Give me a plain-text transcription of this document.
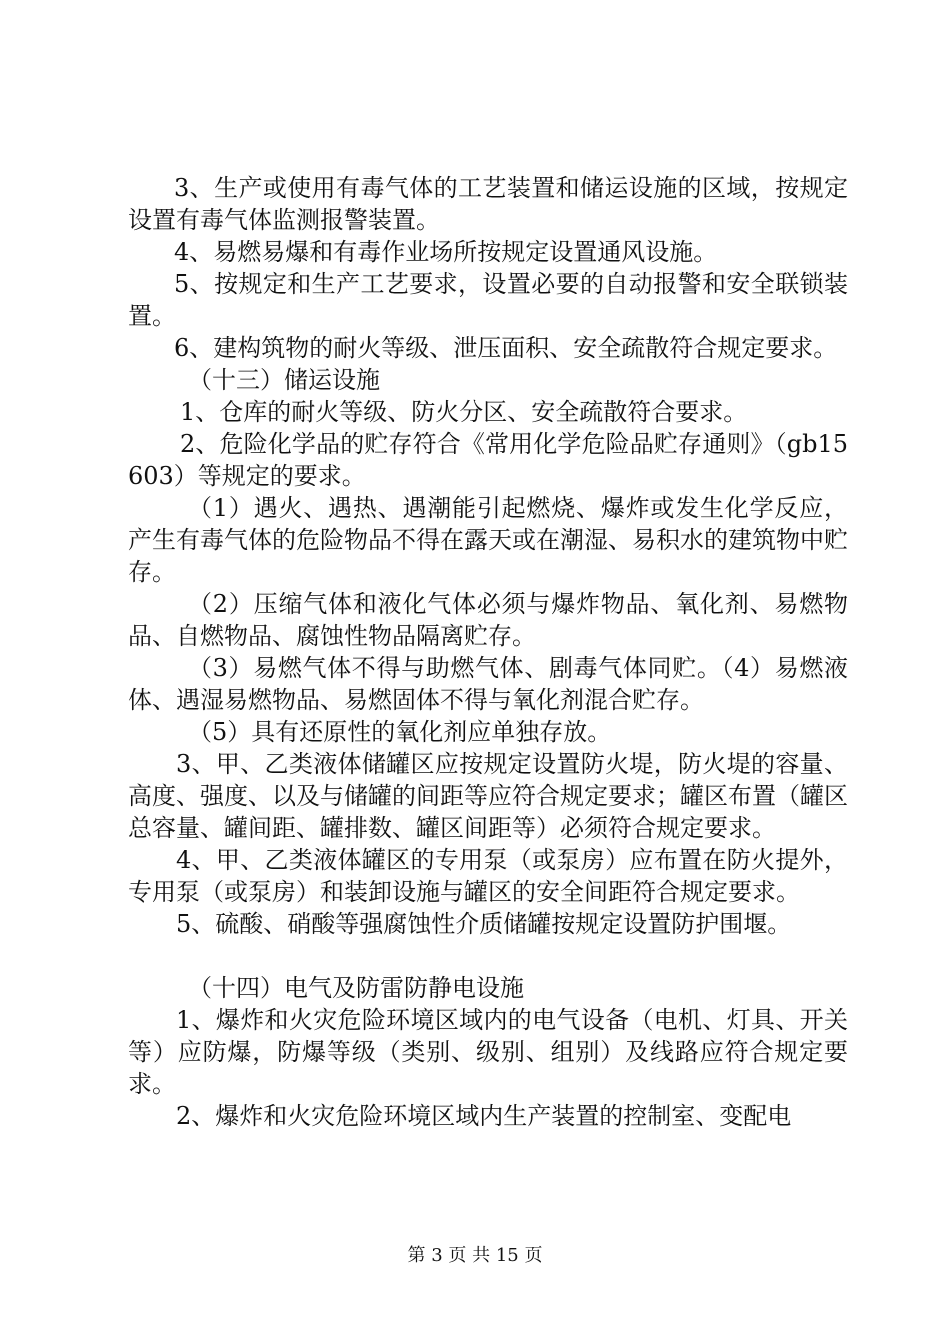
3、生产或使用有毒气体的工艺装置和储运设施的区域，按规定设置有毒气体监测报警装置。

4、易燃易爆和有毒作业场所按规定设置通风设施。

5、按规定和生产工艺要求，设置必要的自动报警和安全联锁装置。

6、建构筑物的耐火等级、泄压面积、安全疏散符合规定要求。

（十三）储运设施

1、仓库的耐火等级、防火分区、安全疏散符合要求。

2、危险化学品的贮存符合《常用化学危险品贮存通则》（gb15603）等规定的要求。

（1）遇火、遇热、遇潮能引起燃烧、爆炸或发生化学反应，产生有毒气体的危险物品不得在露天或在潮湿、易积水的建筑物中贮存。

（2）压缩气体和液化气体必须与爆炸物品、氧化剂、易燃物品、自燃物品、腐蚀性物品隔离贮存。

（3）易燃气体不得与助燃气体、剧毒气体同贮。（4）易燃液体、遇湿易燃物品、易燃固体不得与氧化剂混合贮存。

（5）具有还原性的氧化剂应单独存放。

3、甲、乙类液体储罐区应按规定设置防火堤，防火堤的容量、高度、强度、以及与储罐的间距等应符合规定要求；罐区布置（罐区总容量、罐间距、罐排数、罐区间距等）必须符合规定要求。

4、甲、乙类液体罐区的专用泵（或泵房）应布置在防火提外，专用泵（或泵房）和装卸设施与罐区的安全间距符合规定要求。

5、硫酸、硝酸等强腐蚀性介质储罐按规定设置防护围堰。

（十四）电气及防雷防静电设施

1、爆炸和火灾危险环境区域内的电气设备（电机、灯具、开关等）应防爆，防爆等级（类别、级别、组别）及线路应符合规定要求。

2、爆炸和火灾危险环境区域内生产装置的控制室、变配电

第 3 页 共 15 页
